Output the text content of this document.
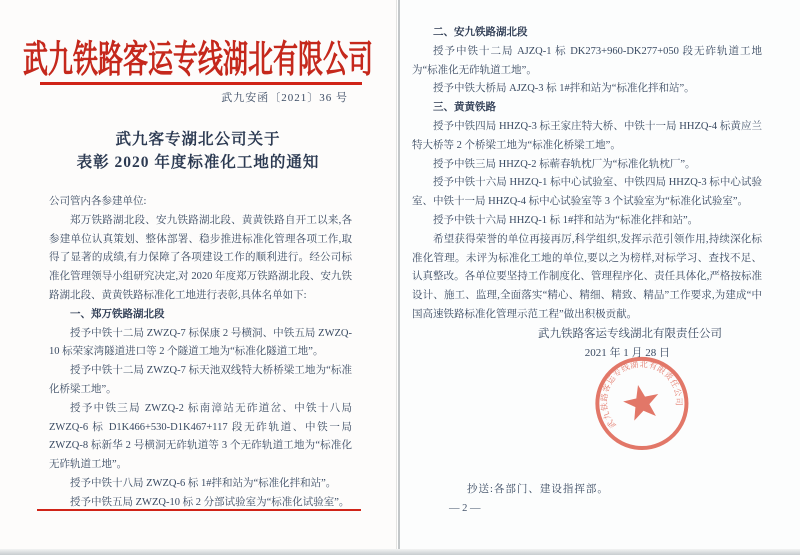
武九铁路客运专线湖北有限公司
武九安函〔2021〕36 号
武九客专湖北公司关于
表彰 2020 年度标准化工地的通知

公司管内各参建单位:

郑万铁路湖北段、安九铁路湖北段、黄黄铁路自开工以来,各参建单位认真策划、整体部署、稳步推进标准化管理各项工作,取得了显著的成绩,有力保障了各项建设工作的顺利进行。经公司标准化管理领导小组研究决定,对 2020 年度郑万铁路湖北段、安九铁路湖北段、黄黄铁路标准化工地进行表彰,具体名单如下:

一、郑万铁路湖北段

授予中铁十二局 ZWZQ-7 标保康 2 号横洞、中铁五局 ZWZQ-10 标荣家湾隧道进口等 2 个隧道工地为“标准化隧道工地”。

授予中铁十二局 ZWZQ-7 标天池双线特大桥桥梁工地为“标准化桥梁工地”。

授予中铁三局 ZWZQ-2 标南漳站无砟道岔、中铁十八局 ZWZQ-6 标 D1K466+530-D1K467+117 段无砟轨道、中铁一局 ZWZQ-8 标新华 2 号横洞无砟轨道等 3 个无砟轨道工地为“标准化无砟轨道工地”。

授予中铁十八局 ZWZQ-6 标 1#拌和站为“标准化拌和站”。

授予中铁五局 ZWZQ-10 标 2 分部试验室为“标准化试验室”。

二、安九铁路湖北段

授予中铁十二局 AJZQ-1 标 DK273+960-DK277+050 段无砟轨道工地为“标准化无砟轨道工地”。

授予中铁大桥局 AJZQ-3 标 1#拌和站为“标准化拌和站”。

三、黄黄铁路

授予中铁四局 HHZQ-3 标王家庄特大桥、中铁十一局 HHZQ-4 标黄应兰特大桥等 2 个桥梁工地为“标准化桥梁工地”。

授予中铁三局 HHZQ-2 标蕲春轨枕厂为“标准化轨枕厂”。

授予中铁十六局 HHZQ-1 标中心试验室、中铁四局 HHZQ-3 标中心试验室、中铁十一局 HHZQ-4 标中心试验室等 3 个试验室为“标准化试验室”。

授予中铁十六局 HHZQ-1 标 1#拌和站为“标准化拌和站”。

希望获得荣誉的单位再接再厉,科学组织,发挥示范引领作用,持续深化标准化管理。未评为标准化工地的单位,要以之为榜样,对标学习、查找不足、认真整改。各单位要坚持工作制度化、管理程序化、责任具体化,严格按标准设计、施工、监理,全面落实“精心、精细、精致、精品”工作要求,为建成“中国高速铁路标准化管理示范工程”做出积极贡献。

武九铁路客运专线湖北有限责任公司

2021 年 1 月 28 日

抄送:各部门、建设指挥部。
— 2 —
武九铁路客运专线湖北有限责任公司
